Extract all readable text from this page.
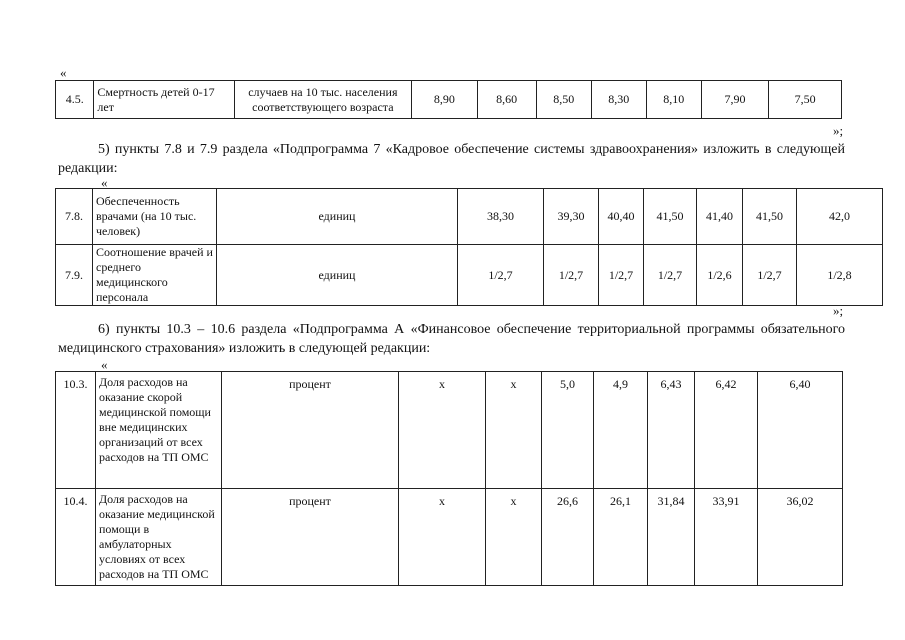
«
4.5.	Смертность детей 0-17 лет	случаев на 10 тыс. населения соответствующего возраста	8,90	8,60	8,50	8,30	8,10	7,90	7,50
»;
5) пункты 7.8 и 7.9 раздела «Подпрограмма 7 «Кадровое обеспечение системы здравоохранения» изложить в следующей редакции:
«
7.8.	Обеспеченность врачами (на 10 тыс. человек)	единиц	38,30	39,30	40,40	41,50	41,40	41,50	42,0
7.9.	Соотношение врачей и среднего медицинского персонала	единиц	1/2,7	1/2,7	1/2,7	1/2,7	1/2,6	1/2,7	1/2,8
»;
6) пункты 10.3 – 10.6 раздела «Подпрограмма А «Финансовое обеспечение территориальной программы обязательного медицинского страхования» изложить в следующей редакции:
«
10.3.	Доля расходов на оказание скорой медицинской помощи вне медицинских организаций от всех расходов на ТП ОМС	процент	х	х	5,0	4,9	6,43	6,42	6,40
10.4.	Доля расходов на оказание медицинской помощи в амбулаторных условиях от всех расходов на ТП ОМС	процент	х	х	26,6	26,1	31,84	33,91	36,02
